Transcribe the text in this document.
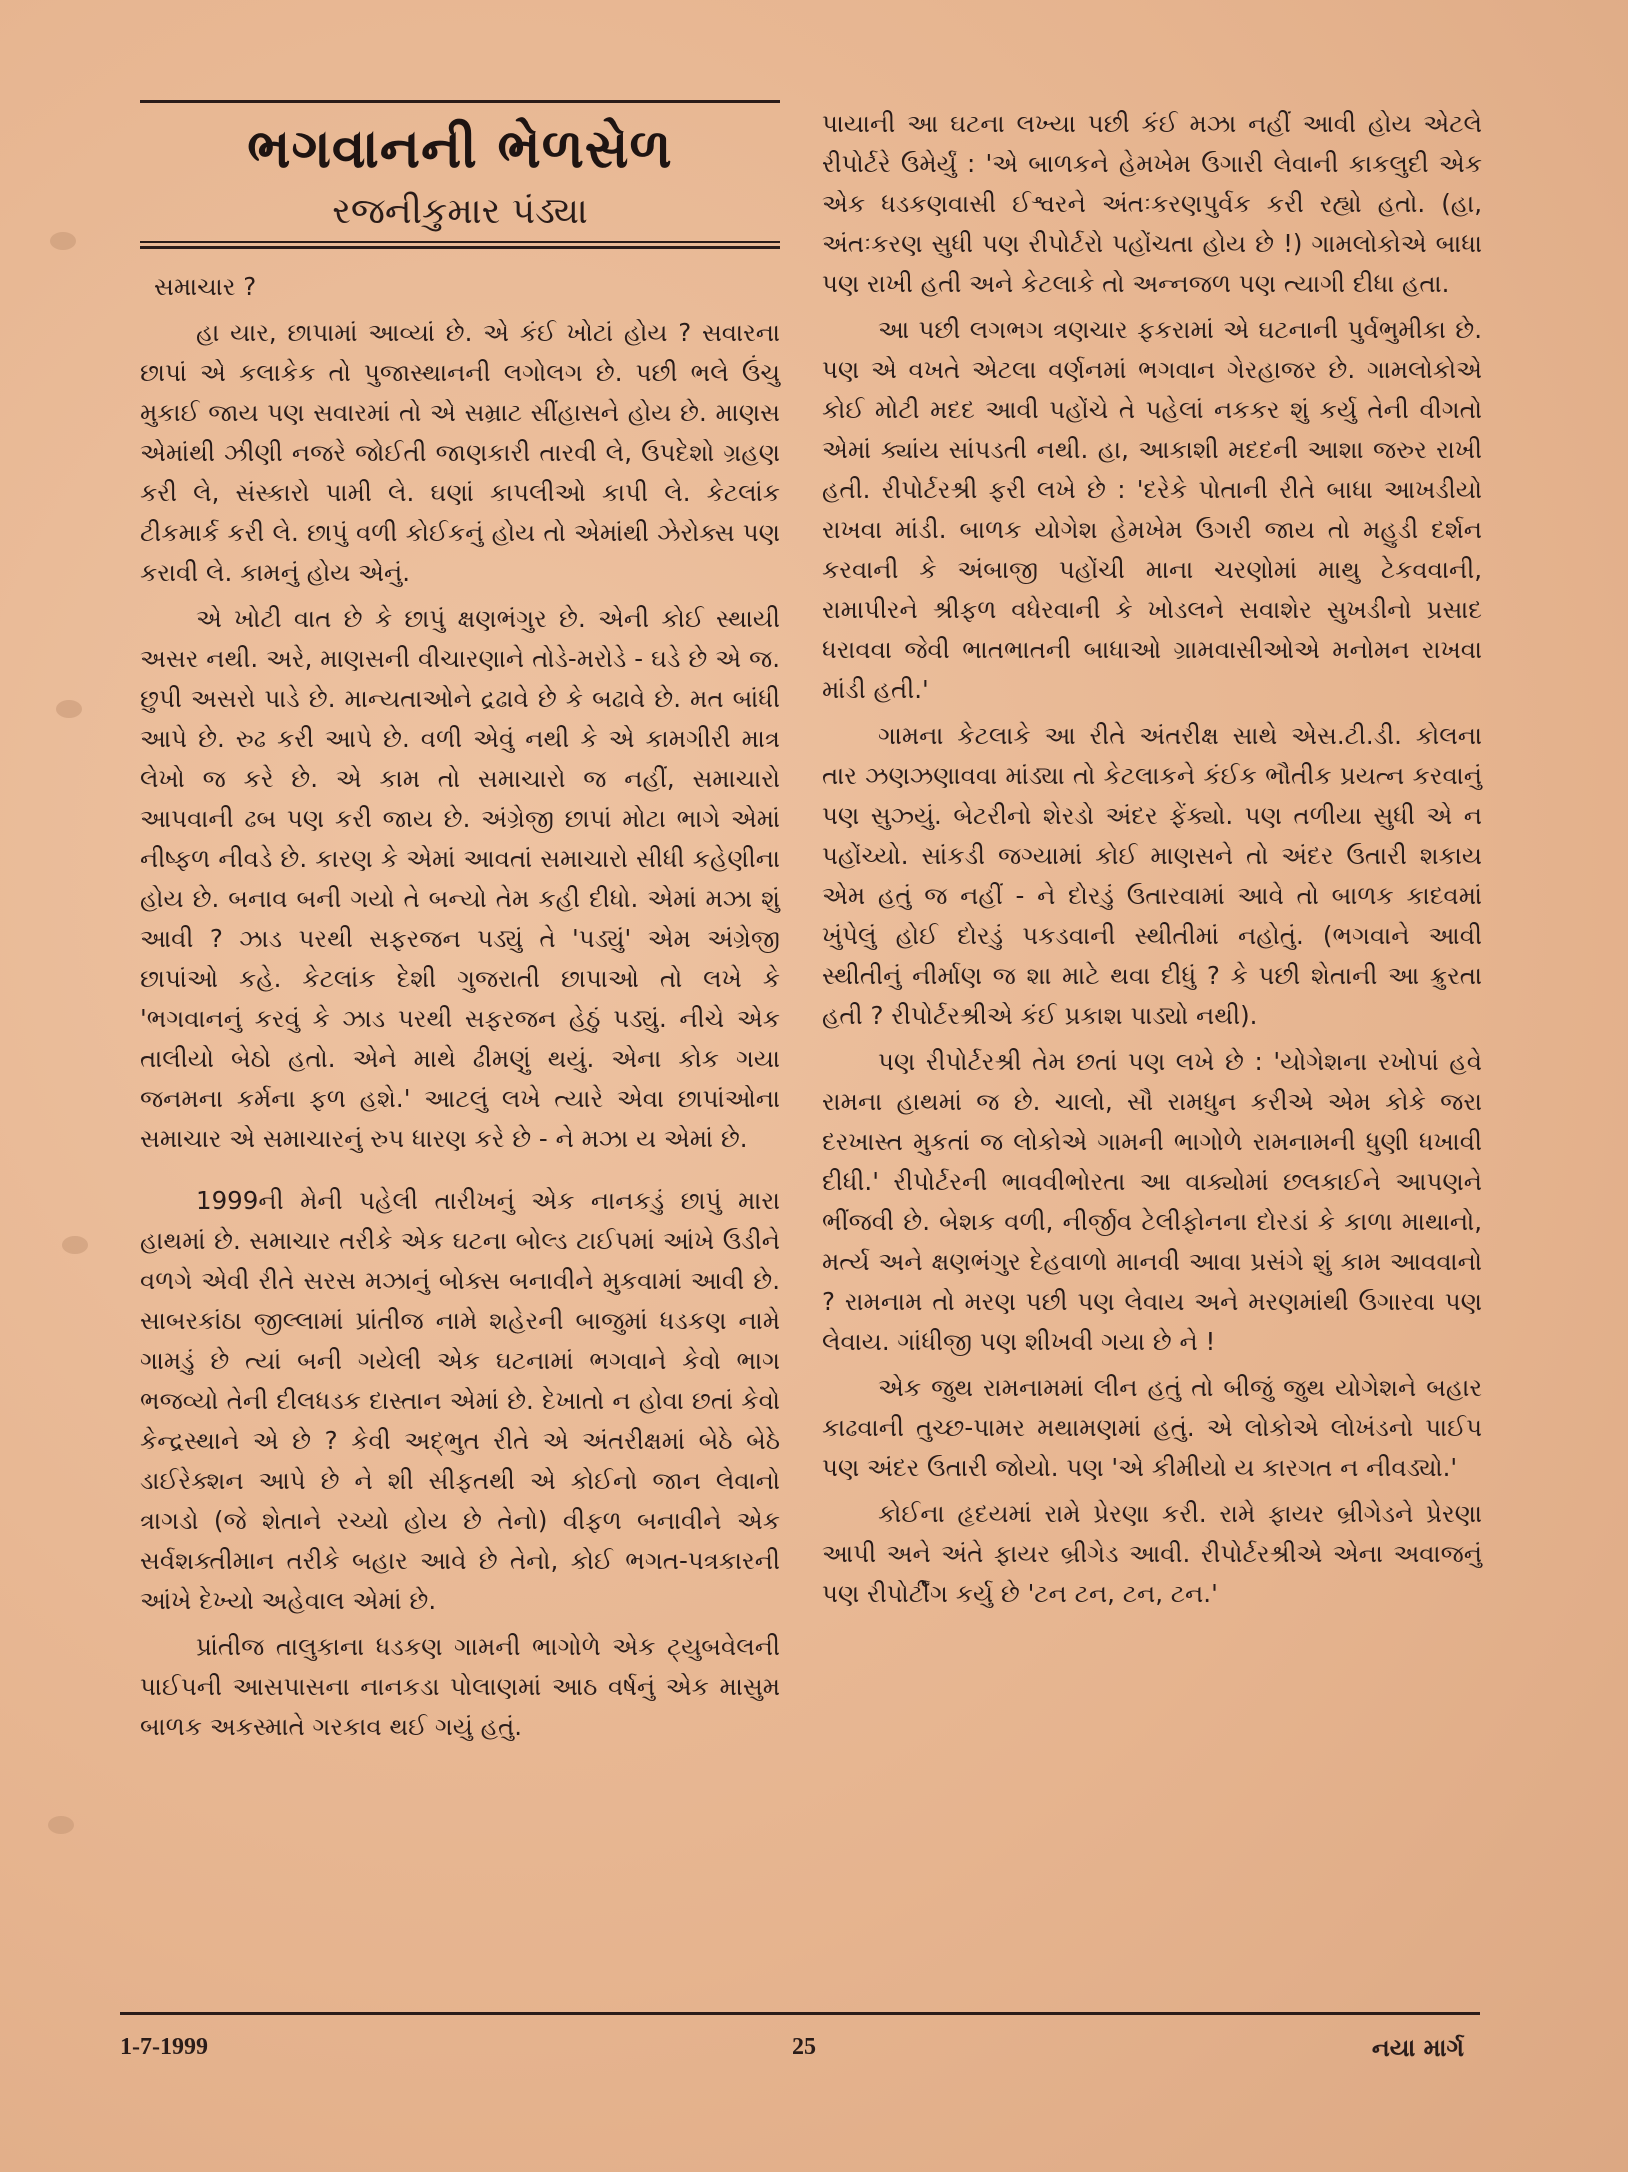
ભગવાનની ભેળસેળ
રજનીકુમાર પંડ્યા

સમાચાર ?

હા યાર, છાપામાં આવ્યાં છે. એ કંઈ ખોટાં હોય ? સવારના છાપાં એ કલાકેક તો પુજાસ્થાનની લગોલગ છે. પછી ભલે ઉંચુ મુકાઈ જાય પણ સવારમાં તો એ સમ્રાટ સીંહાસને હોય છે. માણસ એમાંથી ઝીણી નજરે જોઈતી જાણકારી તારવી લે, ઉપદેશો ગ્રહણ કરી લે, સંસ્કારો પામી લે. ઘણાં કાપલીઓ કાપી લે. કેટલાંક ટીકમાર્ક કરી લે. છાપું વળી કોઈકનું હોય તો એમાંથી ઝેરોક્સ પણ કરાવી લે. કામનું હોય એનું.

એ ખોટી વાત છે કે છાપું ક્ષણભંગુર છે. એની કોઈ સ્થાયી અસર નથી. અરે, માણસની વીચારણાને તોડે-મરોડે - ઘડે છે એ જ. છુપી અસરો પાડે છે. માન્યતાઓને દ્રઢાવે છે કે બઢાવે છે. મત બાંધી આપે છે. રુઢ કરી આપે છે. વળી એવું નથી કે એ કામગીરી માત્ર લેખો જ કરે છે. એ કામ તો સમાચારો જ નહીં, સમાચારો આપવાની ઢબ પણ કરી જાય છે. અંગ્રેજી છાપાં મોટા ભાગે એમાં નીષ્ફળ નીવડે છે. કારણ કે એમાં આવતાં સમાચારો સીધી કહેણીના હોય છે. બનાવ બની ગયો તે બન્યો તેમ કહી દીધો. એમાં મઝા શું આવી ? ઝાડ પરથી સફરજન પડ્યું તે 'પડ્યું' એમ અંગ્રેજી છાપાંઓ કહે. કેટલાંક દેશી ગુજરાતી છાપાઓ તો લખે કે 'ભગવાનનું કરવું કે ઝાડ પરથી સફરજન હેઠું પડ્યું. નીચે એક તાલીયો બેઠો હતો. એને માથે ઢીમણું થયું. એના કોક ગયા જનમના કર્મના ફળ હશે.' આટલું લખે ત્યારે એવા છાપાંઓના સમાચાર એ સમાચારનું રુપ ધારણ કરે છે - ને મઝા ય એમાં છે.

1999ની મેની પહેલી તારીખનું એક નાનકડું છાપું મારા હાથમાં છે. સમાચાર તરીકે એક ઘટના બોલ્ડ ટાઈપમાં આંખે ઉડીને વળગે એવી રીતે સરસ મઝાનું બોક્સ બનાવીને મુકવામાં આવી છે. સાબરકાંઠા જીલ્લામાં પ્રાંતીજ નામે શહેરની બાજુમાં ધડકણ નામે ગામડું છે ત્યાં બની ગયેલી એક ઘટનામાં ભગવાને કેવો ભાગ ભજવ્યો તેની દીલધડક દાસ્તાન એમાં છે. દેખાતો ન હોવા છતાં કેવો કેન્દ્રસ્થાને એ છે ? કેવી અદ્‌ભુત રીતે એ અંતરીક્ષમાં બેઠે બેઠે ડાઈરેક્શન આપે છે ને શી સીફતથી એ કોઈનો જાન લેવાનો ત્રાગડો (જે શેતાને રચ્યો હોય છે તેનો) વીફળ બનાવીને એક સર્વશક્તીમાન તરીકે બહાર આવે છે તેનો, કોઈ ભગત-પત્રકારની આંખે દેખ્યો અહેવાલ એમાં છે.

પ્રાંતીજ તાલુકાના ધડકણ ગામની ભાગોળે એક ટ્યુબવેલની પાઈપની આસપાસના નાનકડા પોલાણમાં આઠ વર્ષનું એક માસુમ બાળક અકસ્માતે ગરકાવ થઈ ગયું હતું.

પાયાની આ ઘટના લખ્યા પછી કંઈ મઝા નહીં આવી હોય એટલે રીપોર્ટરે ઉમેર્યું : 'એ બાળકને હેમખેમ ઉગારી લેવાની કાકલુદી એક એક ધડકણવાસી ઈશ્વરને અંતઃકરણપુર્વક કરી રહ્યો હતો. (હા, અંતઃકરણ સુધી પણ રીપોર્ટરો પહોંચતા હોય છે !) ગામલોકોએ બાધા પણ રાખી હતી અને કેટલાકે તો અન્નજળ પણ ત્યાગી દીધા હતા.

આ પછી લગભગ ત્રણચાર ફકરામાં એ ઘટનાની પુર્વભુમીકા છે. પણ એ વખતે એટલા વર્ણનમાં ભગવાન ગેરહાજર છે. ગામલોકોએ કોઈ મોટી મદદ આવી પહોંચે તે પહેલાં નકકર શું કર્યુ તેની વીગતો એમાં ક્યાંય સાંપડતી નથી. હા, આકાશી મદદની આશા જરુર રાખી હતી. રીપોર્ટરશ્રી ફરી લખે છે : 'દરેકે પોતાની રીતે બાધા આખડીયો રાખવા માંડી. બાળક યોગેશ હેમખેમ ઉગરી જાય તો મહુડી દર્શન કરવાની કે અંબાજી પહોંચી માના ચરણોમાં માથુ ટેકવવાની, રામાપીરને શ્રીફળ વધેરવાની કે ખોડલને સવાશેર સુખડીનો પ્રસાદ ધરાવવા જેવી ભાતભાતની બાધાઓ ગ્રામવાસીઓએ મનોમન રાખવા માંડી હતી.'

ગામના કેટલાકે આ રીતે અંતરીક્ષ સાથે એસ.ટી.ડી. કોલના તાર ઝણઝણાવવા માંડ્યા તો કેટલાકને કંઈક ભૌતીક પ્રયત્ન કરવાનું પણ સુઝ્યું. બેટરીનો શેરડો અંદર ફેંક્યો. પણ તળીયા સુધી એ ન પહોંચ્યો. સાંકડી જગ્યામાં કોઈ માણસને તો અંદર ઉતારી શકાય એમ હતું જ નહીં - ને દોરડું ઉતારવામાં આવે તો બાળક કાદવમાં ખુંપેલું હોઈ દોરડું પકડવાની સ્થીતીમાં નહોતું. (ભગવાને આવી સ્થીતીનું નીર્માણ જ શા માટે થવા દીધું ? કે પછી શેતાની આ ક્રુરતા હતી ? રીપોર્ટરશ્રીએ કંઈ પ્રકાશ પાડ્યો નથી).

પણ રીપોર્ટરશ્રી તેમ છતાં પણ લખે છે : 'યોગેશના રખોપાં હવે રામના હાથમાં જ છે. ચાલો, સૌ રામધુન કરીએ એમ કોકે જરા દરખાસ્ત મુકતાં જ લોકોએ ગામની ભાગોળે રામનામની ધુણી ધખાવી દીધી.' રીપોર્ટરની ભાવવીભોરતા આ વાક્યોમાં છલકાઈને આપણને ભીંજવી છે. બેશક વળી, નીર્જીવ ટેલીફોનના દોરડાં કે કાળા માથાનો, મર્ત્ય અને ક્ષણભંગુર દેહવાળો માનવી આવા પ્રસંગે શું કામ આવવાનો ? રામનામ તો મરણ પછી પણ લેવાય અને મરણમાંથી ઉગારવા પણ લેવાય. ગાંધીજી પણ શીખવી ગયા છે ને !

એક જુથ રામનામમાં લીન હતું તો બીજું જુથ યોગેશને બહાર કાઢવાની તુચ્છ-પામર મથામણમાં હતું. એ લોકોએ લોખંડનો પાઈપ પણ અંદર ઉતારી જોયો. પણ 'એ કીમીયો ય કારગત ન નીવડ્યો.'

કોઈના હૃદયમાં રામે પ્રેરણા કરી. રામે ફાયર બ્રીગેડને પ્રેરણા આપી અને અંતે ફાયર બ્રીગેડ આવી. રીપોર્ટરશ્રીએ એના અવાજનું પણ રીપોર્ટીંગ કર્યુ છે 'ટન ટન, ટન, ટન.'

1-7-1999	25	નયા માર્ગ
